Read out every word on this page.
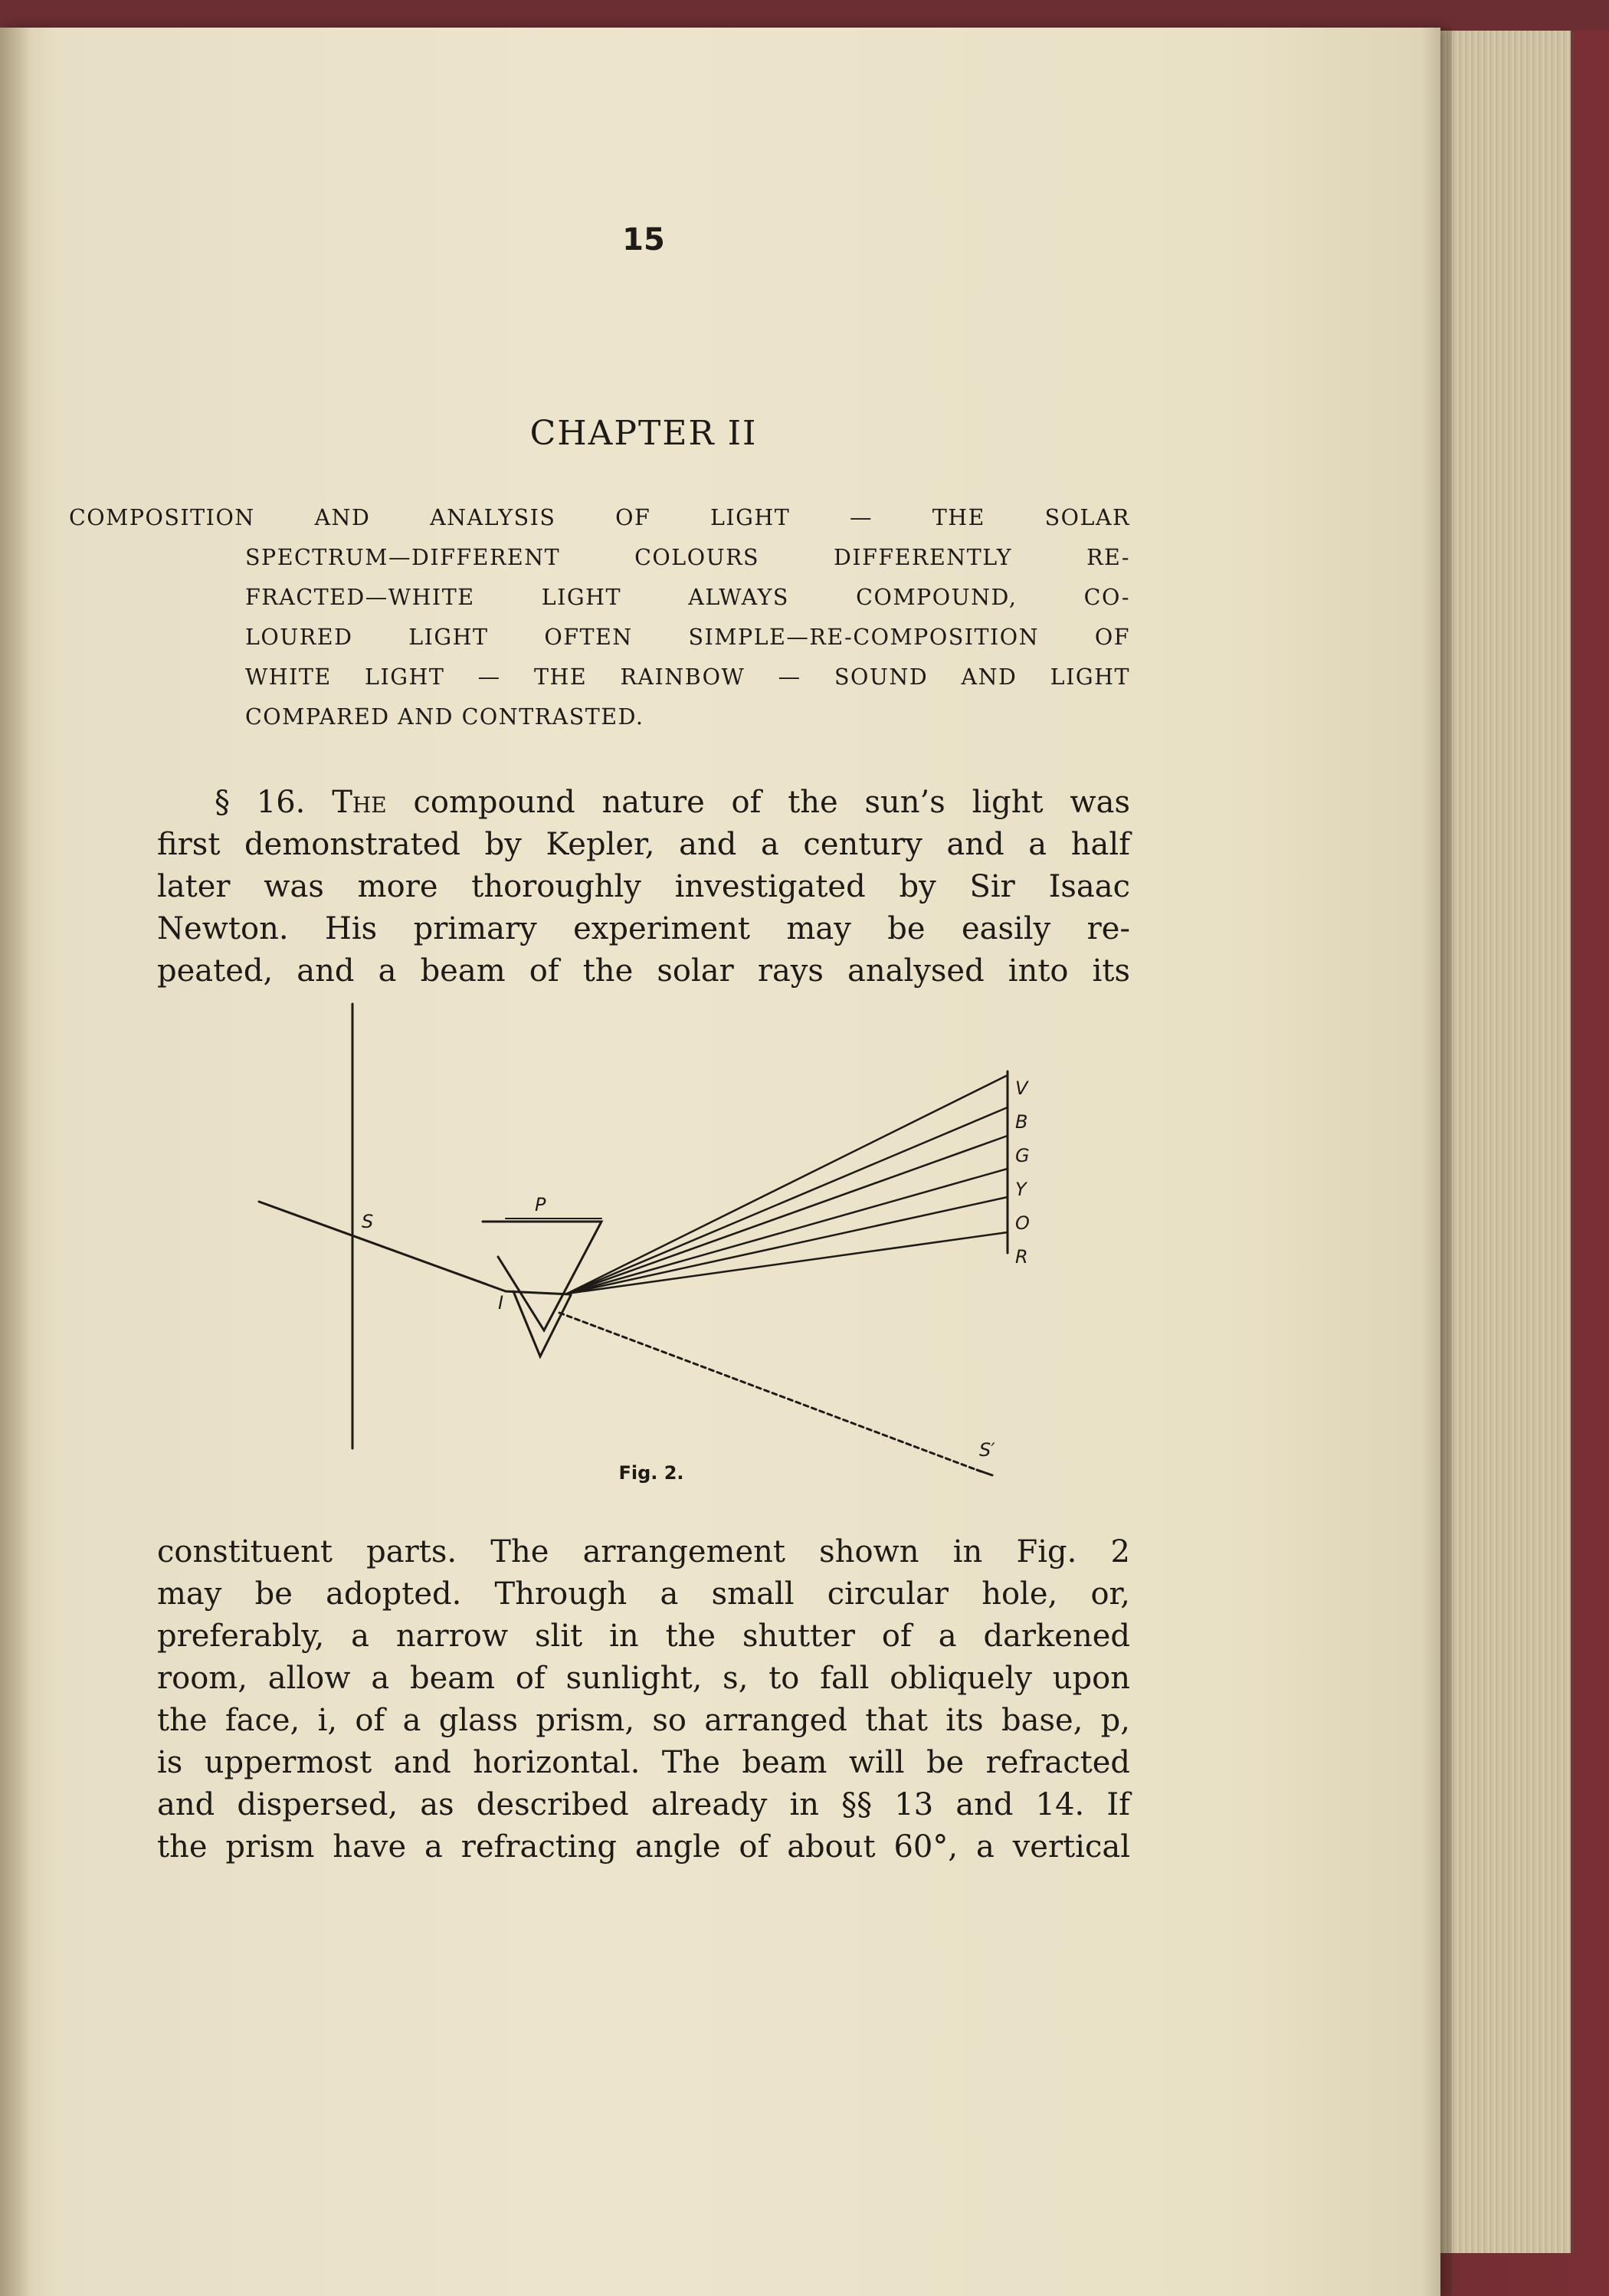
15
CHAPTER II
COMPOSITION AND ANALYSIS OF LIGHT — THE SOLAR
SPECTRUM—DIFFERENT COLOURS DIFFERENTLY RE-
FRACTED—WHITE LIGHT ALWAYS COMPOUND, CO-
LOURED LIGHT OFTEN SIMPLE—RE-COMPOSITION OF
WHITE LIGHT — THE RAINBOW — SOUND AND LIGHT
COMPARED AND CONTRASTED.
§ 16. The compound nature of the sun’s light was
first demonstrated by Kepler, and a century and a half
later was more thoroughly investigated by Sir Isaac
Newton. His primary experiment may be easily re-
peated, and a beam of the solar rays analysed into its
S
P
I
S′
V
B
G
Y
O
R
Fig. 2.
constituent parts. The arrangement shown in Fig. 2
may be adopted. Through a small circular hole, or,
preferably, a narrow slit in the shutter of a darkened
room, allow a beam of sunlight, s, to fall obliquely upon
the face, i, of a glass prism, so arranged that its base, p,
is uppermost and horizontal. The beam will be refracted
and dispersed, as described already in §§ 13 and 14. If
the prism have a refracting angle of about 60°, a vertical
